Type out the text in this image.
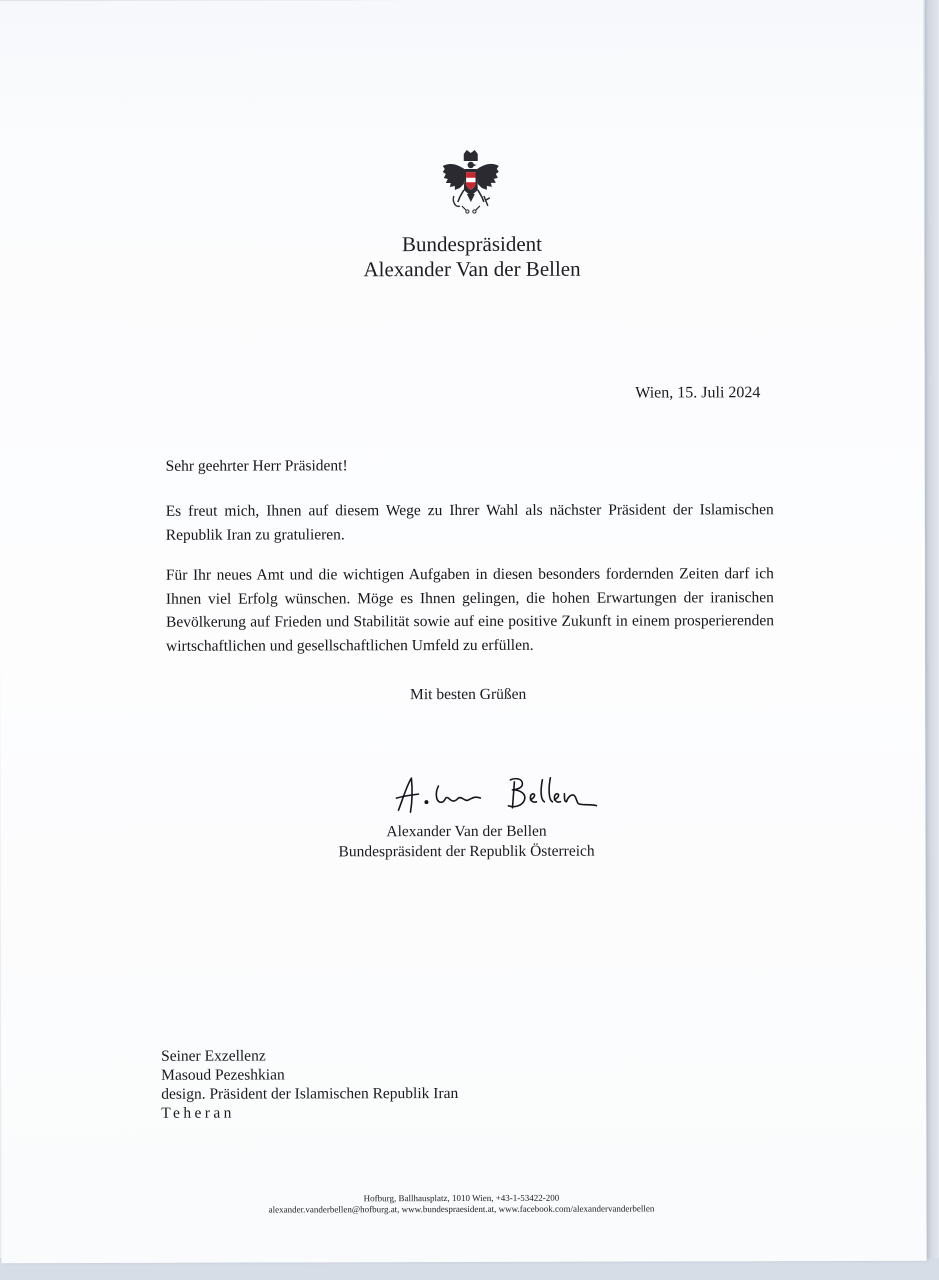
Bundespräsident
Alexander Van der Bellen
Wien, 15. Juli 2024
Sehr geehrter Herr Präsident!
Es freut mich, Ihnen auf diesem Wege zu Ihrer Wahl als nächster Präsident der Islamischen Republik Iran zu gratulieren.
Für Ihr neues Amt und die wichtigen Aufgaben in diesen besonders fordernden Zeiten darf ich Ihnen viel Erfolg wünschen. Möge es Ihnen gelingen, die hohen Erwartungen der iranischen Bevölkerung auf Frieden und Stabilität sowie auf eine positive Zukunft in einem prosperierenden wirtschaftlichen und gesellschaftlichen Umfeld zu erfüllen.
Mit besten Grüßen
Alexander Van der Bellen
Bundespräsident der Republik Österreich
Seiner Exzellenz
Masoud Pezeshkian
design. Präsident der Islamischen Republik Iran
Teheran
Hofburg, Ballhausplatz, 1010 Wien, +43-1-53422-200
alexander.vanderbellen@hofburg.at, www.bundespraesident.at, www.facebook.com/alexandervanderbellen
